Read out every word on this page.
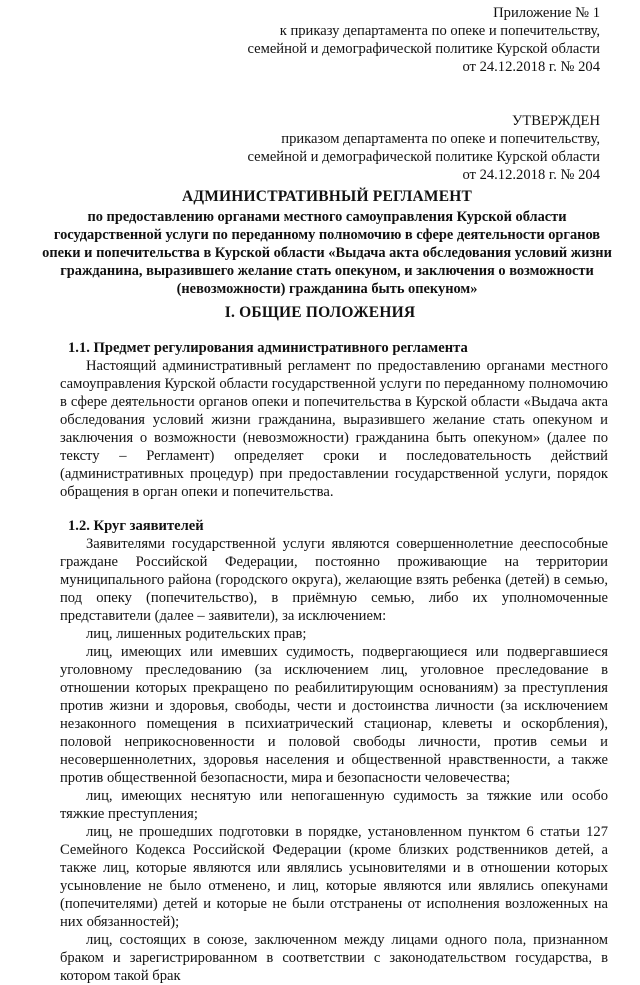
Приложение № 1
к приказу департамента по опеке и попечительству,
семейной и демографической политике Курской области
от 24.12.2018 г. № 204
УТВЕРЖДЕН
приказом департамента по опеке и попечительству,
семейной и демографической политике Курской области
от 24.12.2018 г. № 204
АДМИНИСТРАТИВНЫЙ РЕГЛАМЕНТ
по предоставлению органами местного самоуправления Курской области
государственной услуги по переданному полномочию в сфере деятельности органов
опеки и попечительства в Курской области «Выдача акта обследования условий жизни
гражданина, выразившего желание стать опекуном, и заключения о возможности
(невозможности) гражданина быть опекуном»
I. ОБЩИЕ ПОЛОЖЕНИЯ
1.1. Предмет регулирования административного регламента

Настоящий административный регламент по предоставлению органами местного самоуправления Курской области государственной услуги по переданному полномочию в сфере деятельности органов опеки и попечительства в Курской области «Выдача акта обследования условий жизни гражданина, выразившего желание стать опекуном и заключения о возможности (невозможности) гражданина быть опекуном» (далее по тексту – Регламент) определяет сроки и последовательность действий (административных процедур) при предоставлении государственной услуги, порядок обращения в орган опеки и попечительства.

1.2. Круг заявителей

Заявителями государственной услуги являются совершеннолетние дееспособные граждане Российской Федерации, постоянно проживающие на территории муниципального района (городского округа), желающие взять ребенка (детей) в семью, под опеку (попечительство), в приёмную семью, либо их уполномоченные представители (далее – заявители), за исключением:

лиц, лишенных родительских прав;

лиц, имеющих или имевших судимость, подвергающиеся или подвергавшиеся уголовному преследованию (за исключением лиц, уголовное преследование в отношении которых прекращено по реабилитирующим основаниям) за преступления против жизни и здоровья, свободы, чести и достоинства личности (за исключением незаконного помещения в психиатрический стационар, клеветы и оскорбления), половой неприкосновенности и половой свободы личности, против семьи и несовершеннолетних, здоровья населения и общественной нравственности, а также против общественной безопасности, мира и безопасности человечества;

лиц, имеющих неснятую или непогашенную судимость за тяжкие или особо тяжкие преступления;

лиц, не прошедших подготовки в порядке, установленном пунктом 6 статьи 127 Семейного Кодекса Российской Федерации (кроме близких родственников детей, а также лиц, которые являются или являлись усыновителями и в отношении которых усыновление не было отменено, и лиц, которые являются или являлись опекунами (попечителями) детей и которые не были отстранены от исполнения возложенных на них обязанностей);

лиц, состоящих в союзе, заключенном между лицами одного пола, признанном браком и зарегистрированном в соответствии с законодательством государства, в котором такой брак
